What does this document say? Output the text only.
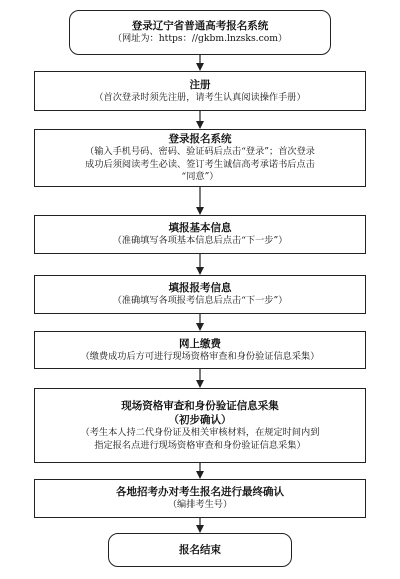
登录辽宁省普通高考报名系统
（网址为：https：//gkbm.lnzsks.com）
注册
（首次登录时须先注册，请考生认真阅读操作手册）
登录报名系统
（输入手机号码、密码、验证码后点击“登录”；首次登录
成功后须阅读考生必读、签订考生诚信高考承诺书后点击
“同意”）
填报基本信息
（准确填写各项基本信息后点击“下一步”）
填报报考信息
（准确填写各项报考信息后点击“下一步”）
网上缴费
（缴费成功后方可进行现场资格审查和身份验证信息采集）
现场资格审查和身份验证信息采集
（初步确认）
（考生本人持二代身份证及相关审核材料，在规定时间内到
指定报名点进行现场资格审查和身份验证信息采集）
各地招考办对考生报名进行最终确认
（编排考生号）
报名结束
